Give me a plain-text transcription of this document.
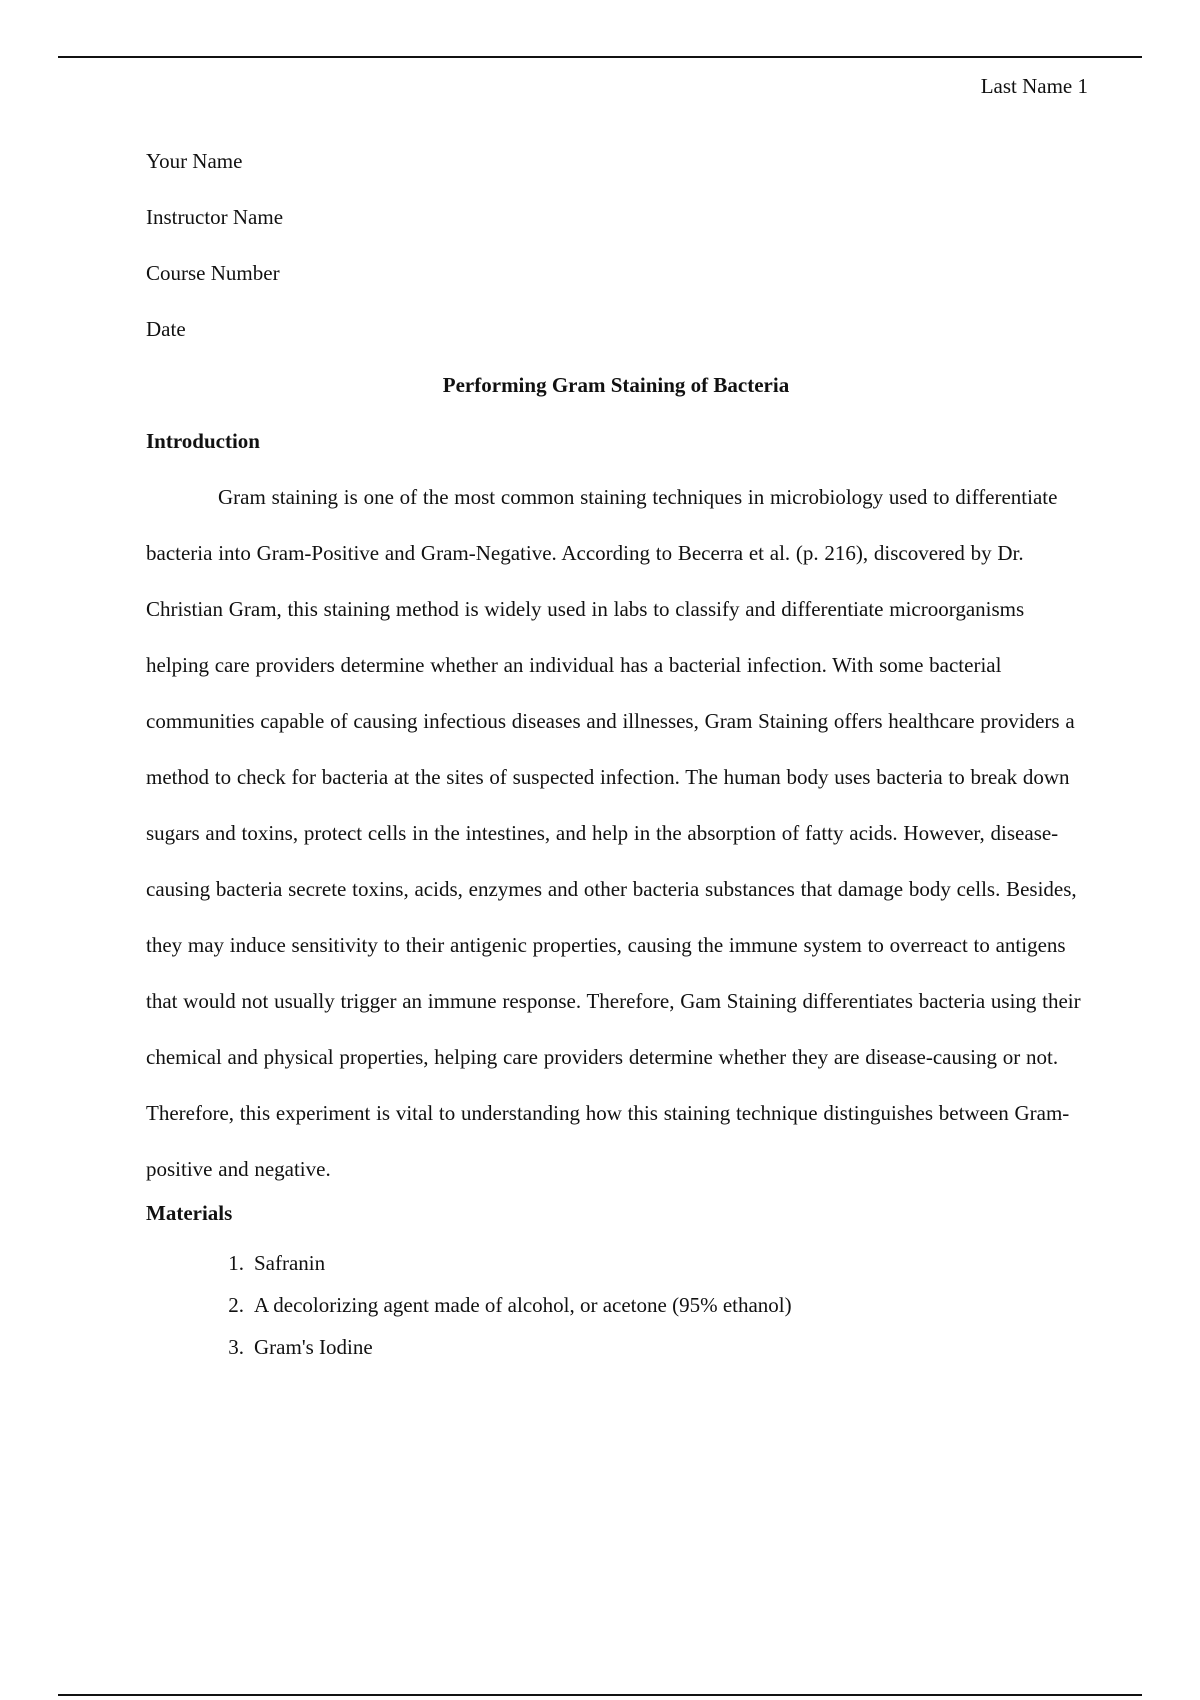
Last Name 1
Your Name
Instructor Name
Course Number
Date
Performing Gram Staining of Bacteria
Introduction

Gram staining is one of the most common staining techniques in microbiology used to differentiate bacteria into Gram-Positive and Gram-Negative. According to Becerra et al. (p. 216), discovered by Dr. Christian Gram, this staining method is widely used in labs to classify and differentiate microorganisms helping care providers determine whether an individual has a bacterial infection. With some bacterial communities capable of causing infectious diseases and illnesses, Gram Staining offers healthcare providers a method to check for bacteria at the sites of suspected infection. The human body uses bacteria to break down sugars and toxins, protect cells in the intestines, and help in the absorption of fatty acids. However, disease-causing bacteria secrete toxins, acids, enzymes and other bacteria substances that damage body cells. Besides, they may induce sensitivity to their antigenic properties, causing the immune system to overreact to antigens that would not usually trigger an immune response. Therefore, Gam Staining differentiates bacteria using their chemical and physical properties, helping care providers determine whether they are disease-causing or not. Therefore, this experiment is vital to understanding how this staining technique distinguishes between Gram-positive and negative.

Materials
1. Safranin
2. A decolorizing agent made of alcohol, or acetone (95% ethanol)
3. Gram's Iodine
